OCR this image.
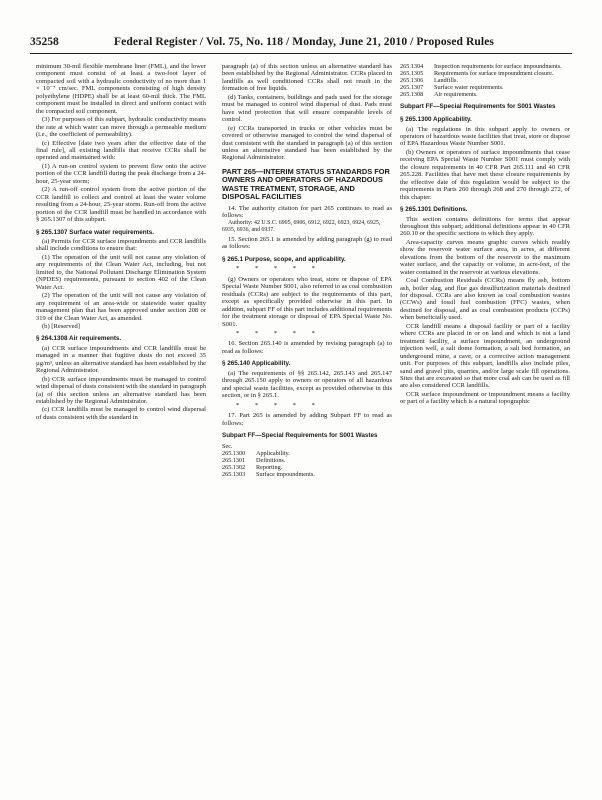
35258	Federal Register / Vol. 75, No. 118 / Monday, June 21, 2010 / Proposed Rules

minimum 30-mil flexible membrane liner (FML), and the lower component must consist of at least a two-foot layer of compacted soil with a hydraulic conductivity of no more than 1 × 10⁻⁷ cm/sec. FML components consisting of high density polyethylene (HDPE) shall be at least 60-mil thick. The FML component must be installed in direct and uniform contact with the compacted soil component.

(3) For purposes of this subpart, hydraulic conductivity means the rate at which water can move through a permeable medium (i.e., the coefficient of permeability).

(c) Effective [date two years after the effective date of the final rule], all existing landfills that receive CCRs shall be operated and maintained with:

(1) A run-on control system to prevent flow onto the active portion of the CCR landfill during the peak discharge from a 24-hour, 25-year storm;

(2) A run-off control system from the active portion of the CCR landfill to collect and control at least the water volume resulting from a 24-hour, 25-year storm. Run-off from the active portion of the CCR landfill must be handled in accordance with § 265.1307 of this subpart.

§ 265.1307 Surface water requirements.

(a) Permits for CCR surface impoundments and CCR landfills shall include conditions to ensure that:

(1) The operation of the unit will not cause any violation of any requirements of the Clean Water Act, including, but not limited to, the National Pollutant Discharge Elimination System (NPDES) requirements, pursuant to section 402 of the Clean Water Act.

(2) The operation of the unit will not cause any violation of any requirement of an area-wide or statewide water quality management plan that has been approved under section 208 or 319 of the Clean Water Act, as amended.

(b) [Reserved]

§ 264.1308 Air requirements.

(a) CCR surface impoundments and CCR landfills must be managed in a manner that fugitive dusts do not exceed 35 µg/m³, unless an alternative standard has been established by the Regional Administrator.

(b) CCR surface impoundments must be managed to control wind dispersal of dusts consistent with the standard in paragraph (a) of this section unless an alternative standard has been established by the Regional Administrator.

(c) CCR landfills must be managed to control wind dispersal of dusts consistent with the standard in

paragraph (a) of this section unless an alternative standard has been established by the Regional Administrator. CCRs placed in landfills as well conditioned CCRs shall not result in the formation of free liquids.

(d) Tanks, containers, buildings and pads used for the storage must be managed to control wind dispersal of dust. Pads must have wind protection that will ensure comparable levels of control.

(e) CCRs transported in trucks or other vehicles must be covered or otherwise managed to control the wind dispersal of dust consistent with the standard in paragraph (a) of this section unless an alternative standard has been established by the Regional Administrator.

PART 265—INTERIM STATUS STANDARDS FOR OWNERS AND OPERATORS OF HAZARDOUS WASTE TREATMENT, STORAGE, AND DISPOSAL FACILITIES

14. The authority citation for part 265 continues to read as follows:

Authority: 42 U.S.C. 6905, 6906, 6912, 6922, 6923, 6924, 6925, 6935, 6936, and 6937.

15. Section 265.1 is amended by adding paragraph (g) to read as follows:

§ 265.1 Purpose, scope, and applicability.
* * * * *

(g) Owners or operators who treat, store or dispose of EPA Special Waste Number S001, also referred to as coal combustion residuals (CCRs) are subject to the requirements of this part, except as specifically provided otherwise in this part. In addition, subpart FF of this part includes additional requirements for the treatment storage or disposal of EPA Special Waste No. S001.

* * * * *

16. Section 265.140 is amended by revising paragraph (a) to read as follows:

§ 265.140 Applicability.

(a) The requirements of §§ 265.142, 265.143 and 265.147 through 265.150 apply to owners or operators of all hazardous and special waste facilities, except as provided otherwise in this section, or in § 265.1.

* * * * *

17. Part 265 is amended by adding Subpart FF to read as follows:

Subpart FF—Special Requirements for S001 Wastes
Sec.
265.1300	Applicability.
265.1301	Definitions.
265.1302	Reporting.
265.1303	Surface impoundments.
265.1304	Inspection requirements for surface impoundments.
265.1305	Requirements for surface impoundment closure.
265.1306	Landfills.
265.1307	Surface water requirements.
265.1308	Air requirements.
Subpart FF—Special Requirements for S001 Wastes
§ 265.1300 Applicability.

(a) The regulations in this subpart apply to owners or operators of hazardous waste facilities that treat, store or dispose of EPA Hazardous Waste Number S001.

(b) Owners or operators of surface impoundments that cease receiving EPA Special Waste Number S001 must comply with the closure requirements in 40 CFR Part 265.111 and 40 CFR 265.228. Facilities that have met these closure requirements by the effective date of this regulation would be subject to the requirements in Parts 260 through 268 and 270 through 272, of this chapter.

§ 265.1301 Definitions.

This section contains definitions for terms that appear throughout this subpart; additional definitions appear in 40 CFR 260.10 or the specific sections to which they apply.

Area-capacity curves means graphic curves which readily show the reservoir water surface area, in acres, at different elevations from the bottom of the reservoir to the maximum water surface, and the capacity or volume, in acre-feet, of the water contained in the reservoir at various elevations.

Coal Combustion Residuals (CCRs) means fly ash, bottom ash, boiler slag, and flue gas desulfurization materials destined for disposal. CCRs are also known as coal combustion wastes (CCWs) and fossil fuel combustion (FFC) wastes, when destined for disposal, and as coal combustion products (CCPs) when beneficially used.

CCR landfill means a disposal facility or part of a facility where CCRs are placed in or on land and which is not a land treatment facility, a surface impoundment, an underground injection well, a salt dome formation, a salt bed formation, an underground mine, a cave, or a corrective action management unit. For purposes of this subpart, landfills also include piles, sand and gravel pits, quarries, and/or large scale fill operations. Sites that are excavated so that more coal ash can be used as fill are also considered CCR landfills.

CCR surface impoundment or impoundment means a facility or part of a facility which is a natural topographic
